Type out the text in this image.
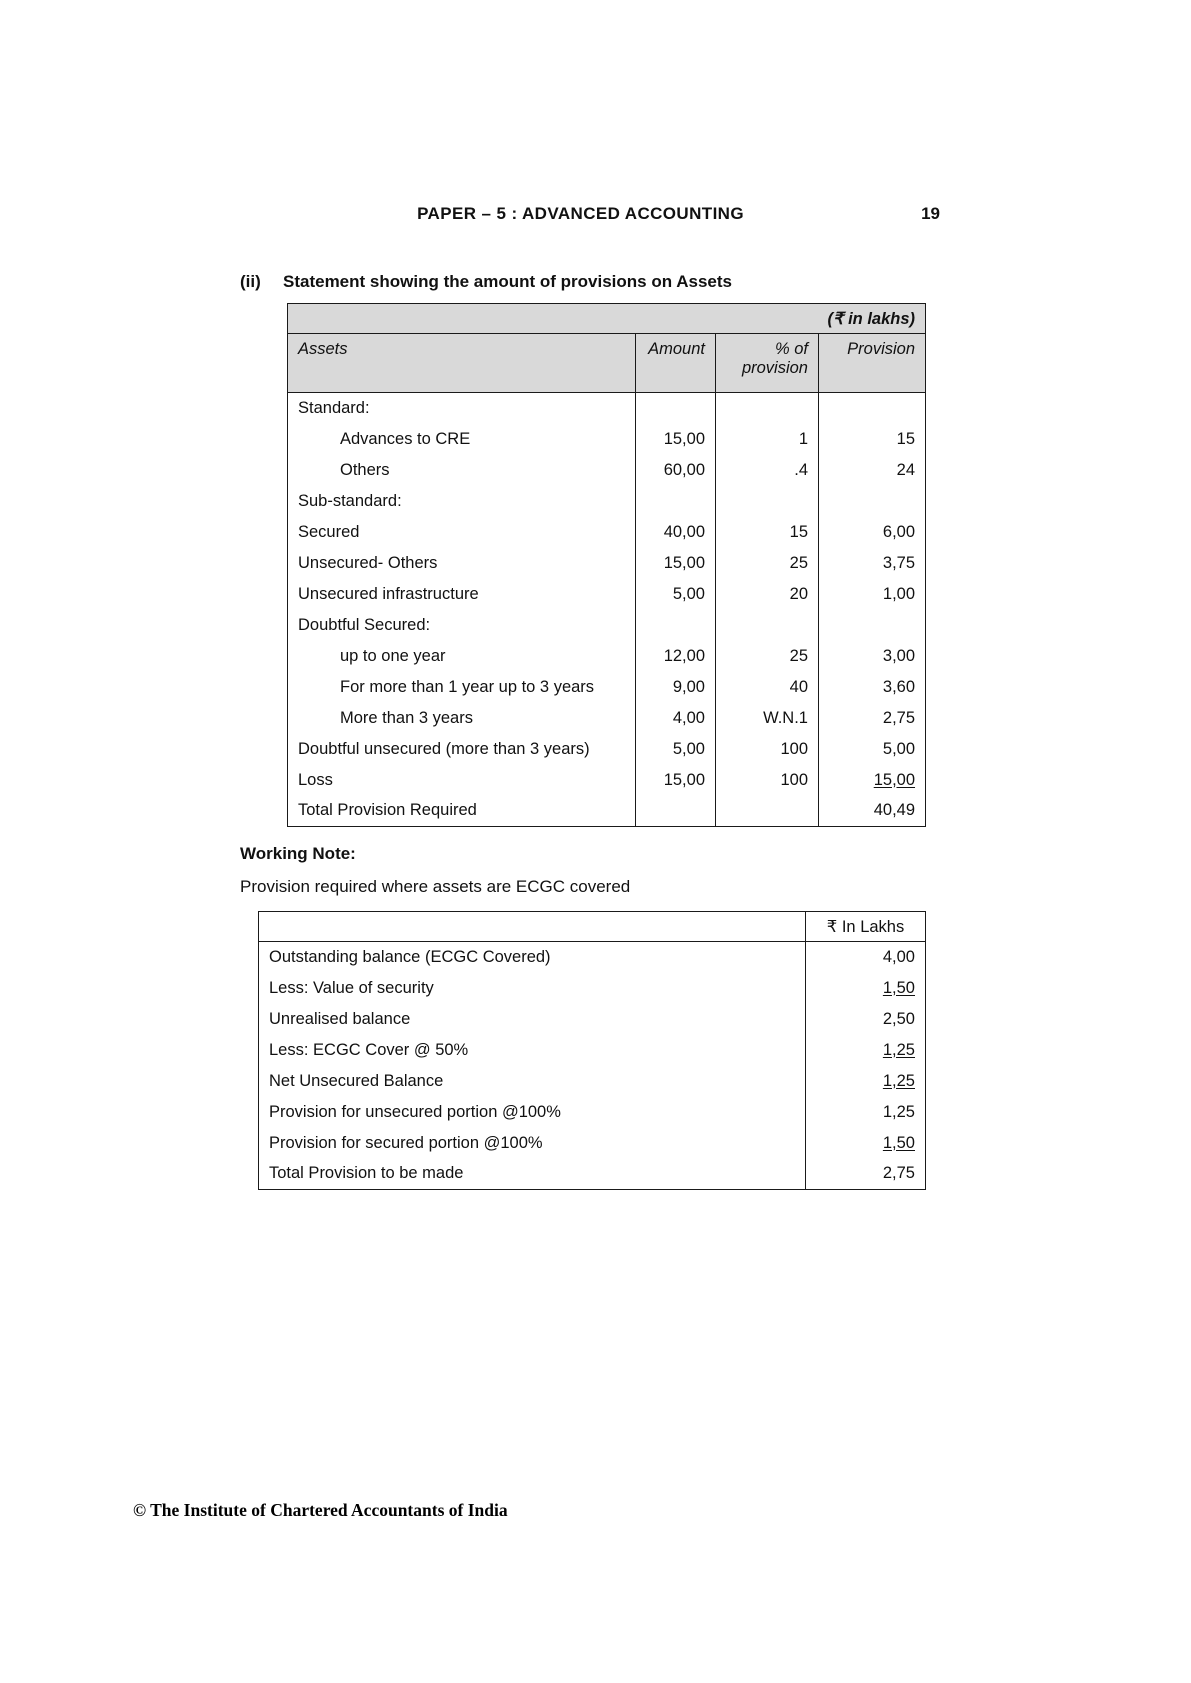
PAPER – 5 : ADVANCED ACCOUNTING	19
(ii)	Statement showing the amount of provisions on Assets
(₹ in lakhs)			
Assets	Amount	% of provision	Provision
Standard:			
Advances to CRE	15,00	1	15
Others	60,00	.4	24
Sub-standard:			
Secured	40,00	15	6,00
Unsecured- Others	15,00	25	3,75
Unsecured infrastructure	5,00	20	1,00
Doubtful Secured:			
up to one year	12,00	25	3,00
For more than 1 year up to 3 years	9,00	40	3,60
More than 3 years	4,00	W.N.1	2,75
Doubtful unsecured (more than 3 years)	5,00	100	5,00
Loss	15,00	100	15,00
Total Provision Required			40,49
Working Note:
Provision required where assets are ECGC covered
	₹ In Lakhs
Outstanding balance (ECGC Covered)	4,00
Less: Value of security	1,50
Unrealised balance	2,50
Less: ECGC Cover @ 50%	1,25
Net Unsecured Balance	1,25
Provision for unsecured portion @100%	1,25
Provision for secured portion @100%	1,50
Total Provision to be made	2,75
© The Institute of Chartered Accountants of India
